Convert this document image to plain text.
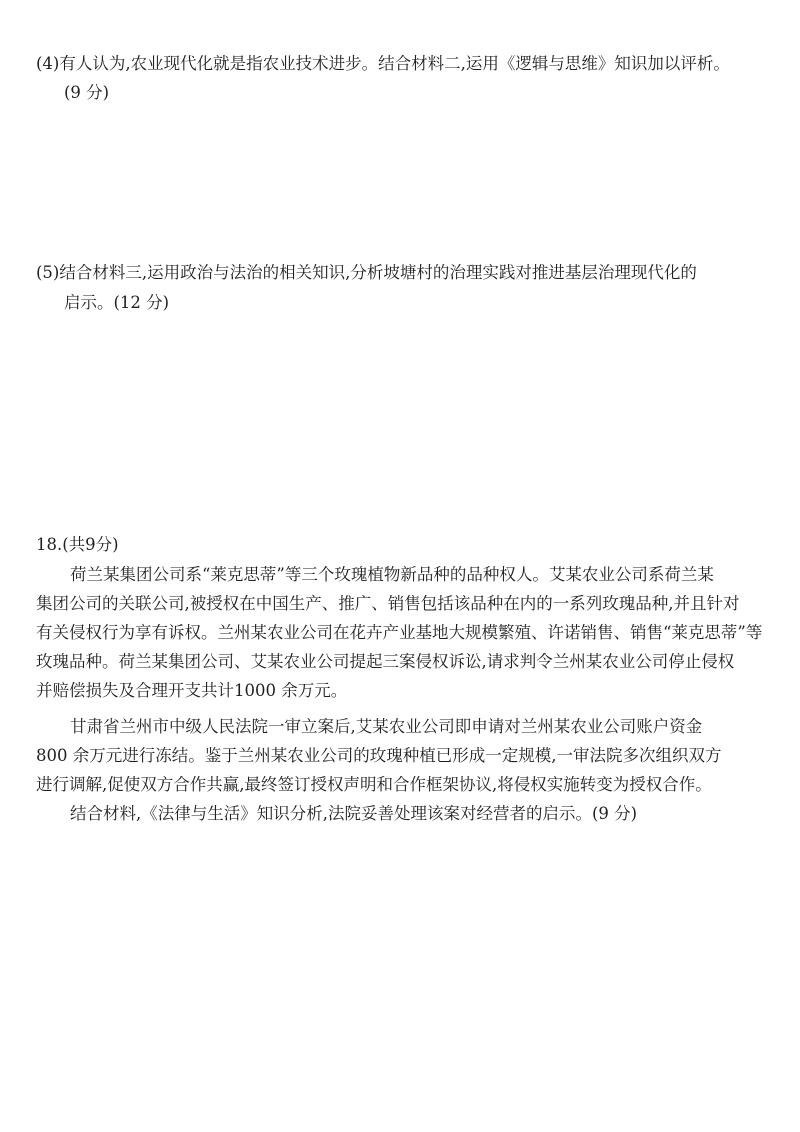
(4)有人认为,农业现代化就是指农业技术进步。结合材料二,运用《逻辑与思维》知识加以评析。
(9 分)
(5)结合材料三,运用政治与法治的相关知识,分析坡塘村的治理实践对推进基层治理现代化的
启示。(12 分)
18.(共9分)
荷兰某集团公司系“莱克思蒂”等三个玫瑰植物新品种的品种权人。艾某农业公司系荷兰某
集团公司的关联公司,被授权在中国生产、推广、销售包括该品种在内的一系列玫瑰品种,并且针对
有关侵权行为享有诉权。兰州某农业公司在花卉产业基地大规模繁殖、许诺销售、销售“莱克思蒂”等
玫瑰品种。荷兰某集团公司、艾某农业公司提起三案侵权诉讼,请求判令兰州某农业公司停止侵权
并赔偿损失及合理开支共计1000 余万元。
甘肃省兰州市中级人民法院一审立案后,艾某农业公司即申请对兰州某农业公司账户资金
800 余万元进行冻结。鉴于兰州某农业公司的玫瑰种植已形成一定规模,一审法院多次组织双方
进行调解,促使双方合作共赢,最终签订授权声明和合作框架协议,将侵权实施转变为授权合作。
结合材料,《法律与生活》知识分析,法院妥善处理该案对经营者的启示。(9 分)
